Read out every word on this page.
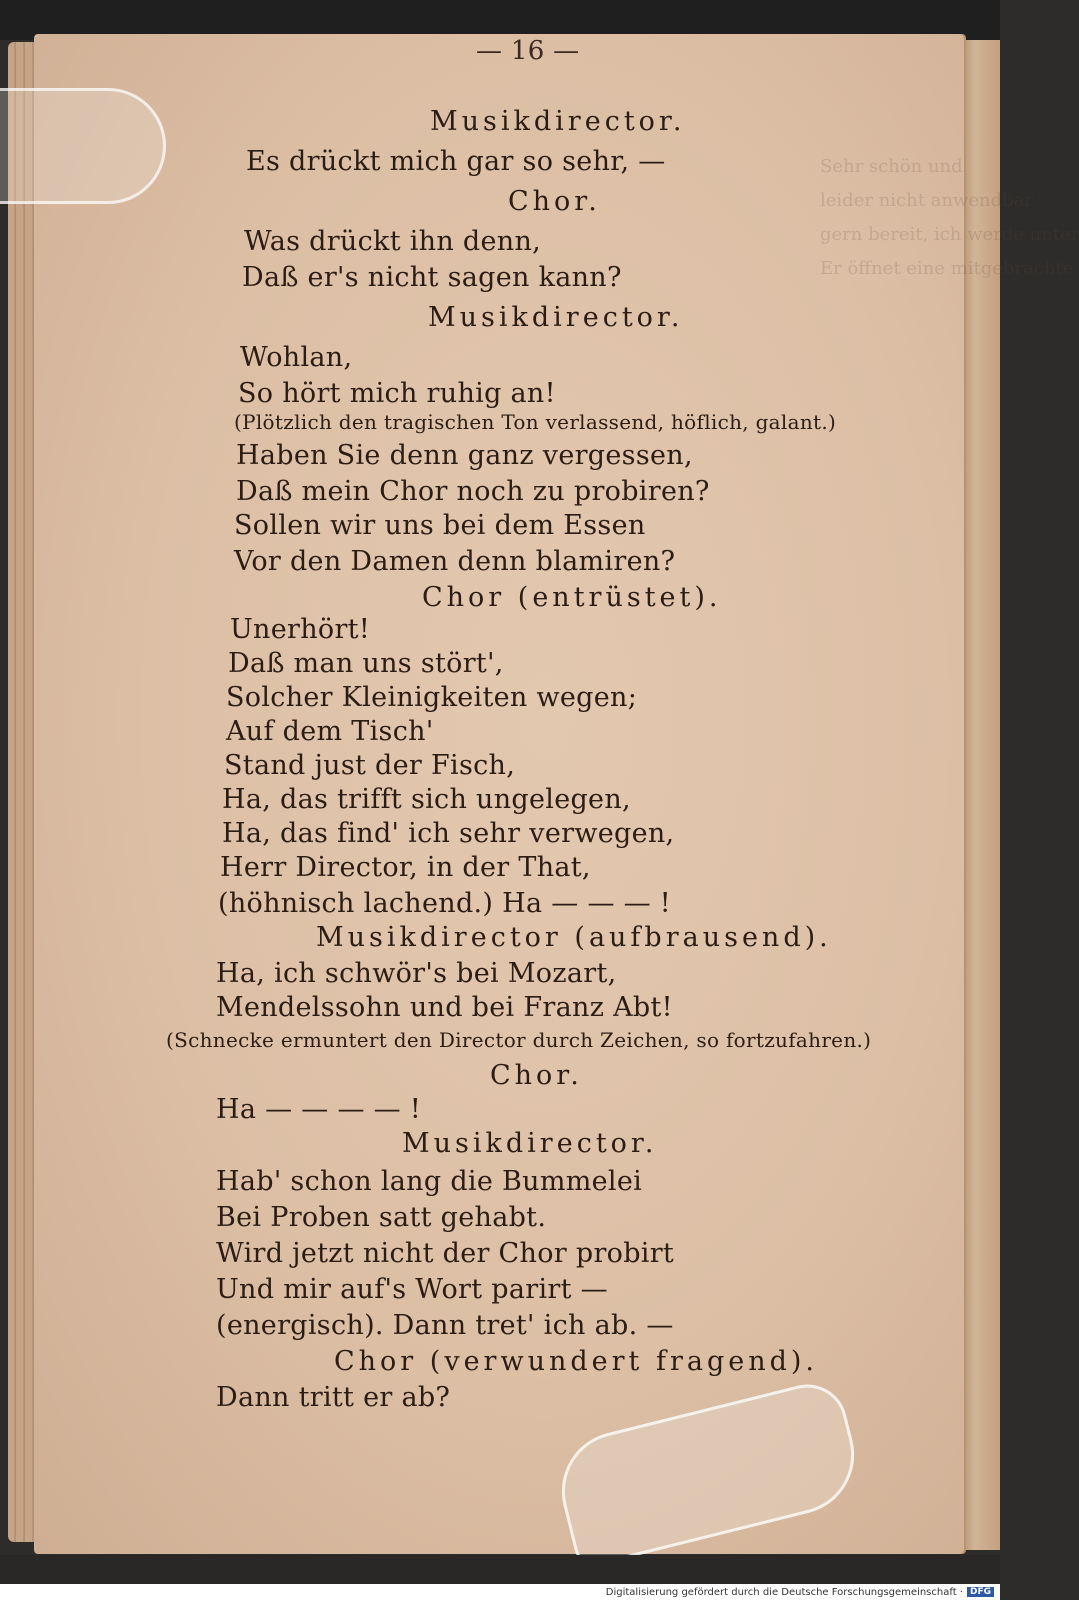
unter
mitgebrachte
— 16 —
Musikdirector.
Es drückt mich gar so sehr, —
Chor.
Was drückt ihn denn,
Daß er's nicht sagen kann?
Musikdirector.
Wohlan,
So hört mich ruhig an!
(Plötzlich den tragischen Ton verlassend, höflich, galant.)
Haben Sie denn ganz vergessen,
Daß mein Chor noch zu probiren?
Sollen wir uns bei dem Essen
Vor den Damen denn blamiren?
Chor (entrüstet).
Unerhört!
Daß man uns stört',
Solcher Kleinigkeiten wegen;
Auf dem Tisch'
Stand just der Fisch,
Ha, das trifft sich ungelegen,
Ha, das find' ich sehr verwegen,
Herr Director, in der That,
(höhnisch lachend.) Ha — — — !
Musikdirector (aufbrausend).
Ha, ich schwör's bei Mozart,
Mendelssohn und bei Franz Abt!
(Schnecke ermuntert den Director durch Zeichen, so fortzufahren.)
Chor.
Ha — — — — !
Musikdirector.
Hab' schon lang die Bummelei
Bei Proben satt gehabt.
Wird jetzt nicht der Chor probirt
Und mir auf's Wort parirt —
(energisch). Dann tret' ich ab. —
Chor (verwundert fragend).
Dann tritt er ab?
Digitalisierung gefördert durch die Deutsche Forschungsgemeinschaft · DFG
